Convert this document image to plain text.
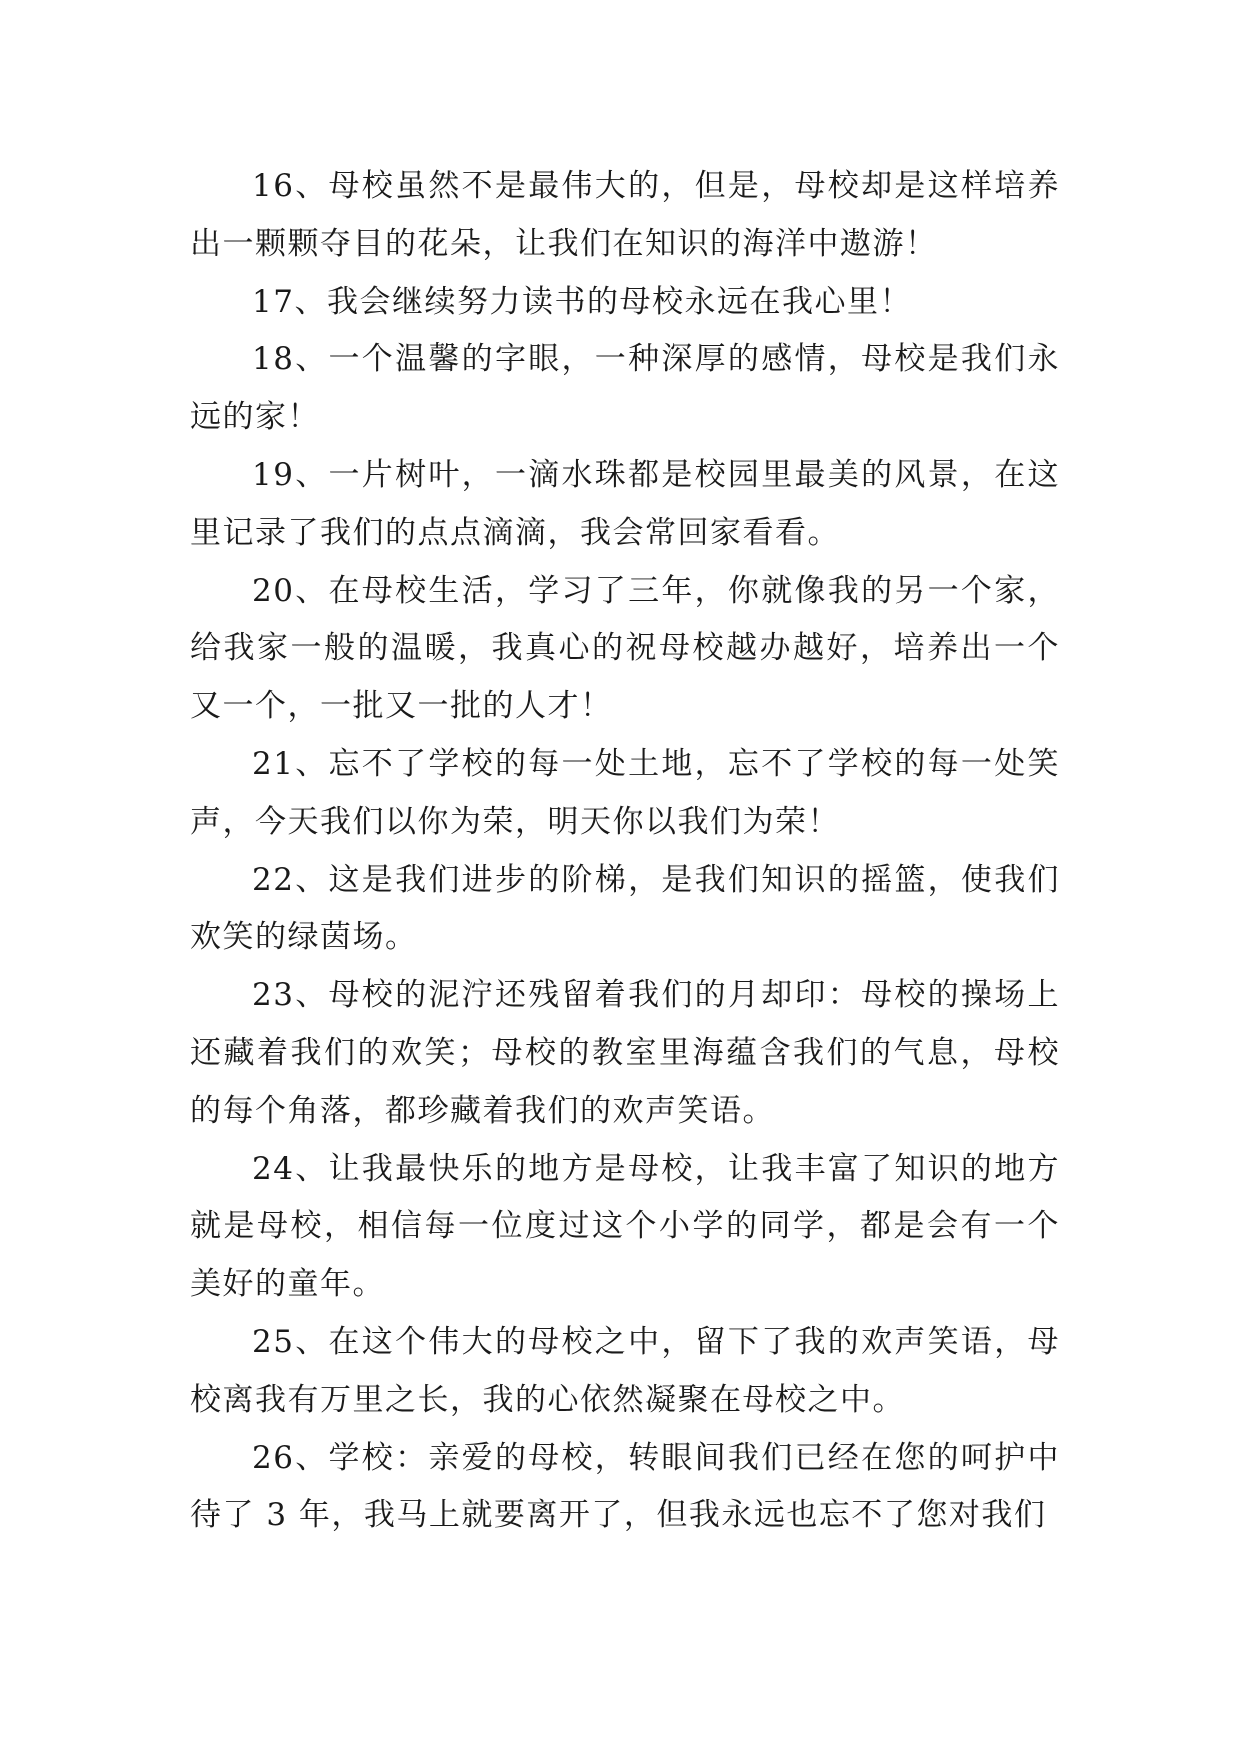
16、母校虽然不是最伟大的，但是，母校却是这样培养出一颗颗夺目的花朵，让我们在知识的海洋中遨游！

17、我会继续努力读书的母校永远在我心里！

18、一个温馨的字眼，一种深厚的感情，母校是我们永远的家！

19、一片树叶，一滴水珠都是校园里最美的风景，在这里记录了我们的点点滴滴，我会常回家看看。

20、在母校生活，学习了三年，你就像我的另一个家，给我家一般的温暖，我真心的祝母校越办越好，培养出一个又一个，一批又一批的人才！

21、忘不了学校的每一处土地，忘不了学校的每一处笑声，今天我们以你为荣，明天你以我们为荣！

22、这是我们进步的阶梯，是我们知识的摇篮，使我们欢笑的绿茵场。

23、母校的泥泞还残留着我们的月却印：母校的操场上还藏着我们的欢笑；母校的教室里海蕴含我们的气息，母校的每个角落，都珍藏着我们的欢声笑语。

24、让我最快乐的地方是母校，让我丰富了知识的地方就是母校，相信每一位度过这个小学的同学，都是会有一个美好的童年。

25、在这个伟大的母校之中，留下了我的欢声笑语，母校离我有万里之长，我的心依然凝聚在母校之中。

26、学校：亲爱的母校，转眼间我们已经在您的呵护中待了 3 年，我马上就要离开了，但我永远也忘不了您对我们
